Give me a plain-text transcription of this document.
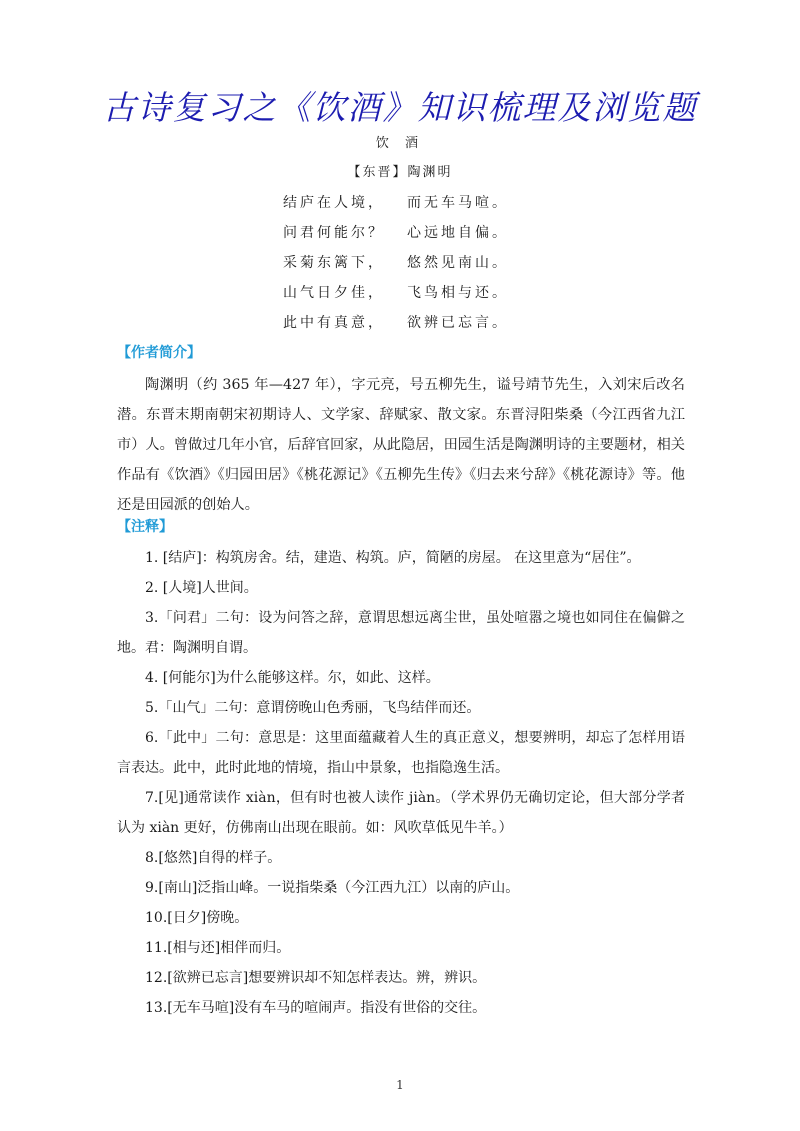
古诗复习之《饮酒》知识梳理及浏览题
饮 酒
【东晋】陶渊明
结庐在人境， 而无车马喧。
问君何能尔？ 心远地自偏。
采菊东篱下， 悠然见南山。
山气日夕佳， 飞鸟相与还。
此中有真意， 欲辨已忘言。
【作者简介】
陶渊明（约 365 年—427 年），字元亮，号五柳先生，谥号靖节先生，入刘宋后改名潜。东晋末期南朝宋初期诗人、文学家、辞赋家、散文家。东晋浔阳柴桑（今江西省九江市）人。曾做过几年小官，后辞官回家，从此隐居，田园生活是陶渊明诗的主要题材，相关作品有《饮酒》《归园田居》《桃花源记》《五柳先生传》《归去来兮辞》《桃花源诗》等。他还是田园派的创始人。
【注释】
1. [结庐]：构筑房舍。结，建造、构筑。庐，简陋的房屋。 在这里意为“居住”。
2. [人境]人世间。
3.「问君」二句：设为问答之辞，意谓思想远离尘世，虽处喧嚣之境也如同住在偏僻之地。君：陶渊明自谓。
4. [何能尔]为什么能够这样。尔，如此、这样。
5.「山气」二句：意谓傍晚山色秀丽，飞鸟结伴而还。
6.「此中」二句：意思是：这里面蕴藏着人生的真正意义，想要辨明，却忘了怎样用语言表达。此中，此时此地的情境，指山中景象，也指隐逸生活。
7.[见]通常读作 xiàn，但有时也被人读作 jiàn。（学术界仍无确切定论，但大部分学者认为 xiàn 更好，仿佛南山出现在眼前。如：风吹草低见牛羊。）
8.[悠然]自得的样子。
9.[南山]泛指山峰。一说指柴桑（今江西九江）以南的庐山。
10.[日夕]傍晚。
11.[相与还]相伴而归。
12.[欲辨已忘言]想要辨识却不知怎样表达。辨，辨识。
13.[无车马喧]没有车马的喧闹声。指没有世俗的交往。
1
